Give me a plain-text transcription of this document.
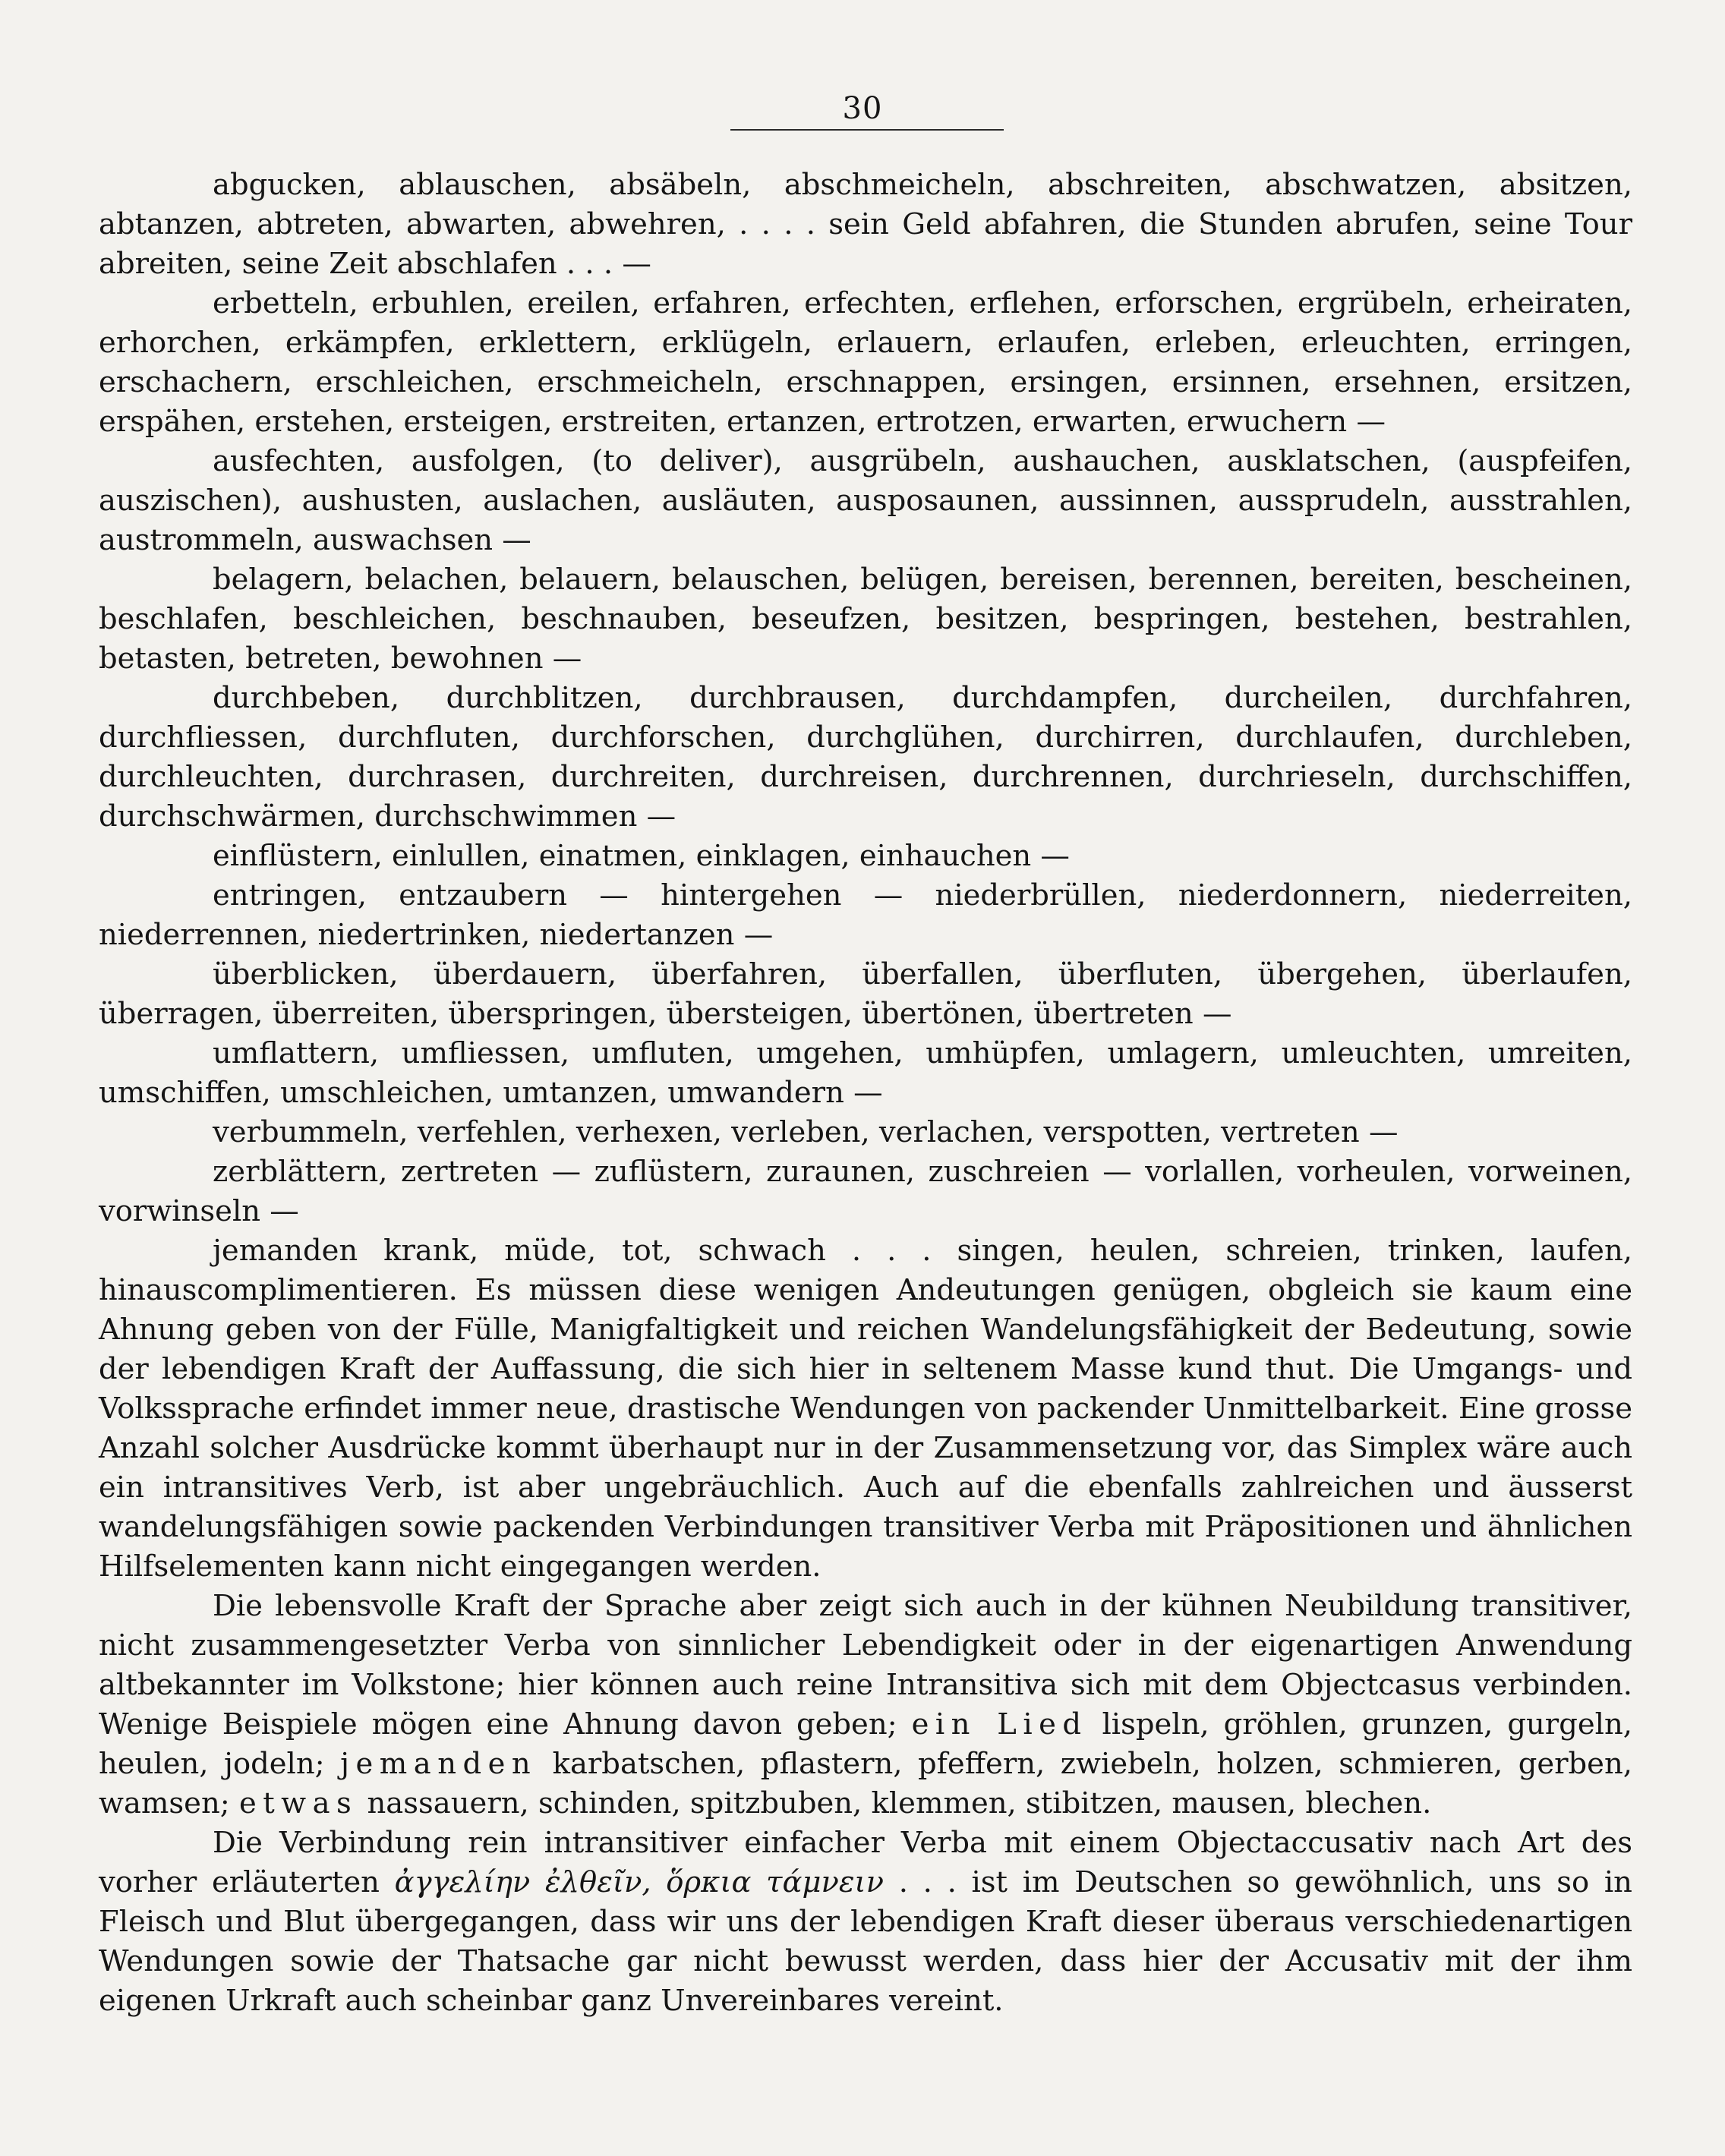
30

abgucken, ablauschen, absäbeln, abschmeicheln, abschreiten, abschwatzen, absitzen, abtanzen, abtreten, abwarten, abwehren, . . . . sein Geld abfahren, die Stunden abrufen, seine Tour abreiten, seine Zeit abschlafen . . . —

erbetteln, erbuhlen, ereilen, erfahren, erfechten, erflehen, erforschen, ergrübeln, erheiraten, erhorchen, erkämpfen, erklettern, erklügeln, erlauern, erlaufen, erleben, erleuchten, erringen, erschachern, erschleichen, erschmeicheln, erschnappen, ersingen, ersinnen, ersehnen, ersitzen, erspähen, erstehen, ersteigen, erstreiten, ertanzen, ertrotzen, erwarten, erwuchern —

ausfechten, ausfolgen, (to deliver), ausgrübeln, aushauchen, ausklatschen, (auspfeifen, auszischen), aushusten, auslachen, ausläuten, ausposaunen, aussinnen, aussprudeln, ausstrahlen, austrommeln, auswachsen —

belagern, belachen, belauern, belauschen, belügen, bereisen, berennen, bereiten, bescheinen, beschlafen, beschleichen, beschnauben, beseufzen, besitzen, bespringen, bestehen, bestrahlen, betasten, betreten, bewohnen —

durchbeben, durchblitzen, durchbrausen, durchdampfen, durcheilen, durchfahren, durchfliessen, durchfluten, durchforschen, durchglühen, durchirren, durchlaufen, durchleben, durchleuchten, durchrasen, durchreiten, durchreisen, durchrennen, durchrieseln, durchschiffen, durchschwärmen, durchschwimmen —

einflüstern, einlullen, einatmen, einklagen, einhauchen —

entringen, entzaubern — hintergehen — niederbrüllen, niederdonnern, niederreiten, niederrennen, niedertrinken, niedertanzen —

überblicken, überdauern, überfahren, überfallen, überfluten, übergehen, überlaufen, überragen, überreiten, überspringen, übersteigen, übertönen, übertreten —

umflattern, umfliessen, umfluten, umgehen, umhüpfen, umlagern, umleuchten, umreiten, umschiffen, umschleichen, umtanzen, umwandern —

verbummeln, verfehlen, verhexen, verleben, verlachen, verspotten, vertreten —

zerblättern, zertreten — zuflüstern, zuraunen, zuschreien — vorlallen, vorheulen, vorweinen, vorwinseln —

jemanden krank, müde, tot, schwach . . . singen, heulen, schreien, trinken, laufen, hinauscomplimentieren. Es müssen diese wenigen Andeutungen genügen, obgleich sie kaum eine Ahnung geben von der Fülle, Manigfaltigkeit und reichen Wandelungsfähigkeit der Bedeutung, sowie der lebendigen Kraft der Auffassung, die sich hier in seltenem Masse kund thut. Die Umgangs- und Volkssprache erfindet immer neue, drastische Wendungen von packender Unmittelbarkeit. Eine grosse Anzahl solcher Ausdrücke kommt überhaupt nur in der Zusammensetzung vor, das Simplex wäre auch ein intransitives Verb, ist aber ungebräuchlich. Auch auf die ebenfalls zahlreichen und äusserst wandelungsfähigen sowie packenden Verbindungen transitiver Verba mit Präpositionen und ähnlichen Hilfselementen kann nicht eingegangen werden.

Die lebensvolle Kraft der Sprache aber zeigt sich auch in der kühnen Neubildung transitiver, nicht zusammengesetzter Verba von sinnlicher Lebendigkeit oder in der eigenartigen Anwendung altbekannter im Volkstone; hier können auch reine Intransitiva sich mit dem Objectcasus verbinden. Wenige Beispiele mögen eine Ahnung davon geben; ein Lied lispeln, gröhlen, grunzen, gurgeln, heulen, jodeln; jemanden karbatschen, pflastern, pfeffern, zwiebeln, holzen, schmieren, gerben, wamsen; etwas nassauern, schinden, spitzbuben, klemmen, stibitzen, mausen, blechen.

Die Verbindung rein intransitiver einfacher Verba mit einem Objectaccusativ nach Art des vorher erläuterten ἀγγελίην ἐλθεῖν, ὅρκια τάμνειν . . . ist im Deutschen so gewöhnlich, uns so in Fleisch und Blut übergegangen, dass wir uns der lebendigen Kraft dieser überaus verschiedenartigen Wendungen sowie der Thatsache gar nicht bewusst werden, dass hier der Accusativ mit der ihm eigenen Urkraft auch scheinbar ganz Unvereinbares vereint.
